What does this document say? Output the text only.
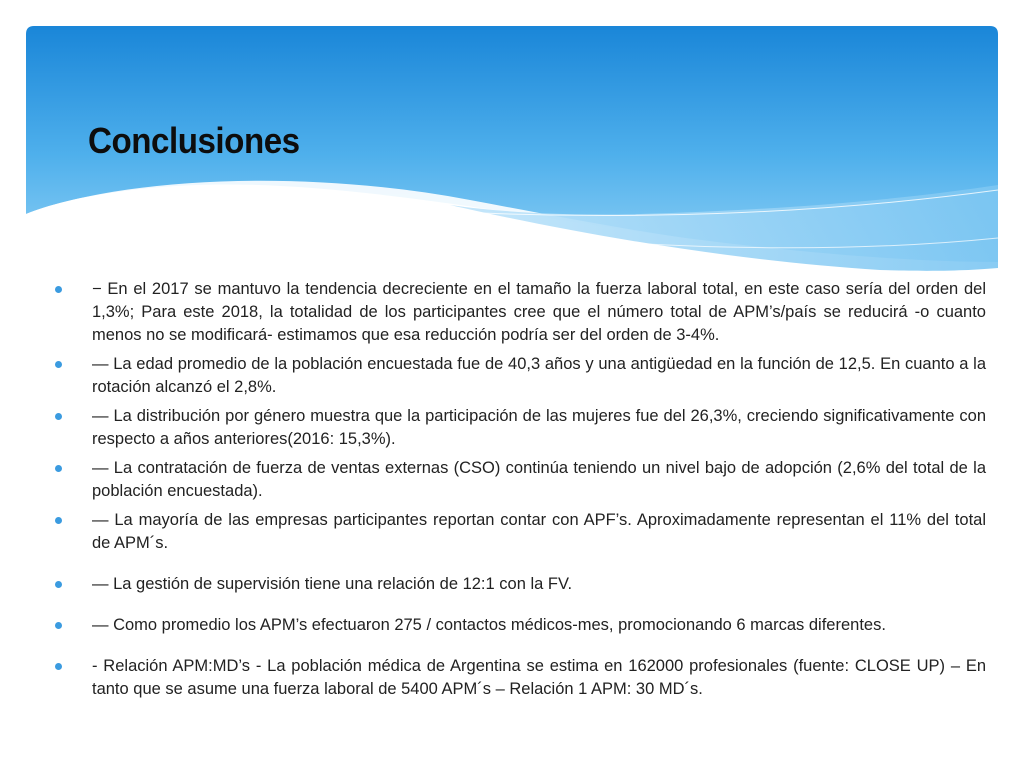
Conclusiones
− En el 2017 se mantuvo la tendencia decreciente en el tamaño la fuerza laboral total, en este caso sería del orden del 1,3%; Para este 2018, la totalidad de los participantes cree que el número total de APM’s/país se reducirá -o cuanto menos no se modificará- estimamos que esa reducción podría ser del orden de 3-4%.
— La edad promedio de la población encuestada fue de 40,3 años y una antigüedad en la función de 12,5. En cuanto a la rotación alcanzó el 2,8%.
— La distribución por género muestra que la participación de las mujeres fue del 26,3%, creciendo significativamente con respecto a años anteriores(2016: 15,3%).
— La contratación de fuerza de ventas externas (CSO) continúa teniendo un nivel bajo de adopción (2,6% del total de la población encuestada).
— La mayoría de las empresas participantes reportan contar con APF’s. Aproximadamente representan el 11% del total de APM´s.
— La gestión de supervisión tiene una relación de 12:1 con la FV.
— Como promedio los APM’s efectuaron 275 / contactos médicos-mes, promocionando 6 marcas diferentes.
- Relación APM:MD’s - La población médica de Argentina se estima en 162000 profesionales (fuente: CLOSE UP) – En tanto que se asume una fuerza laboral de 5400 APM´s – Relación 1 APM: 30 MD´s.
